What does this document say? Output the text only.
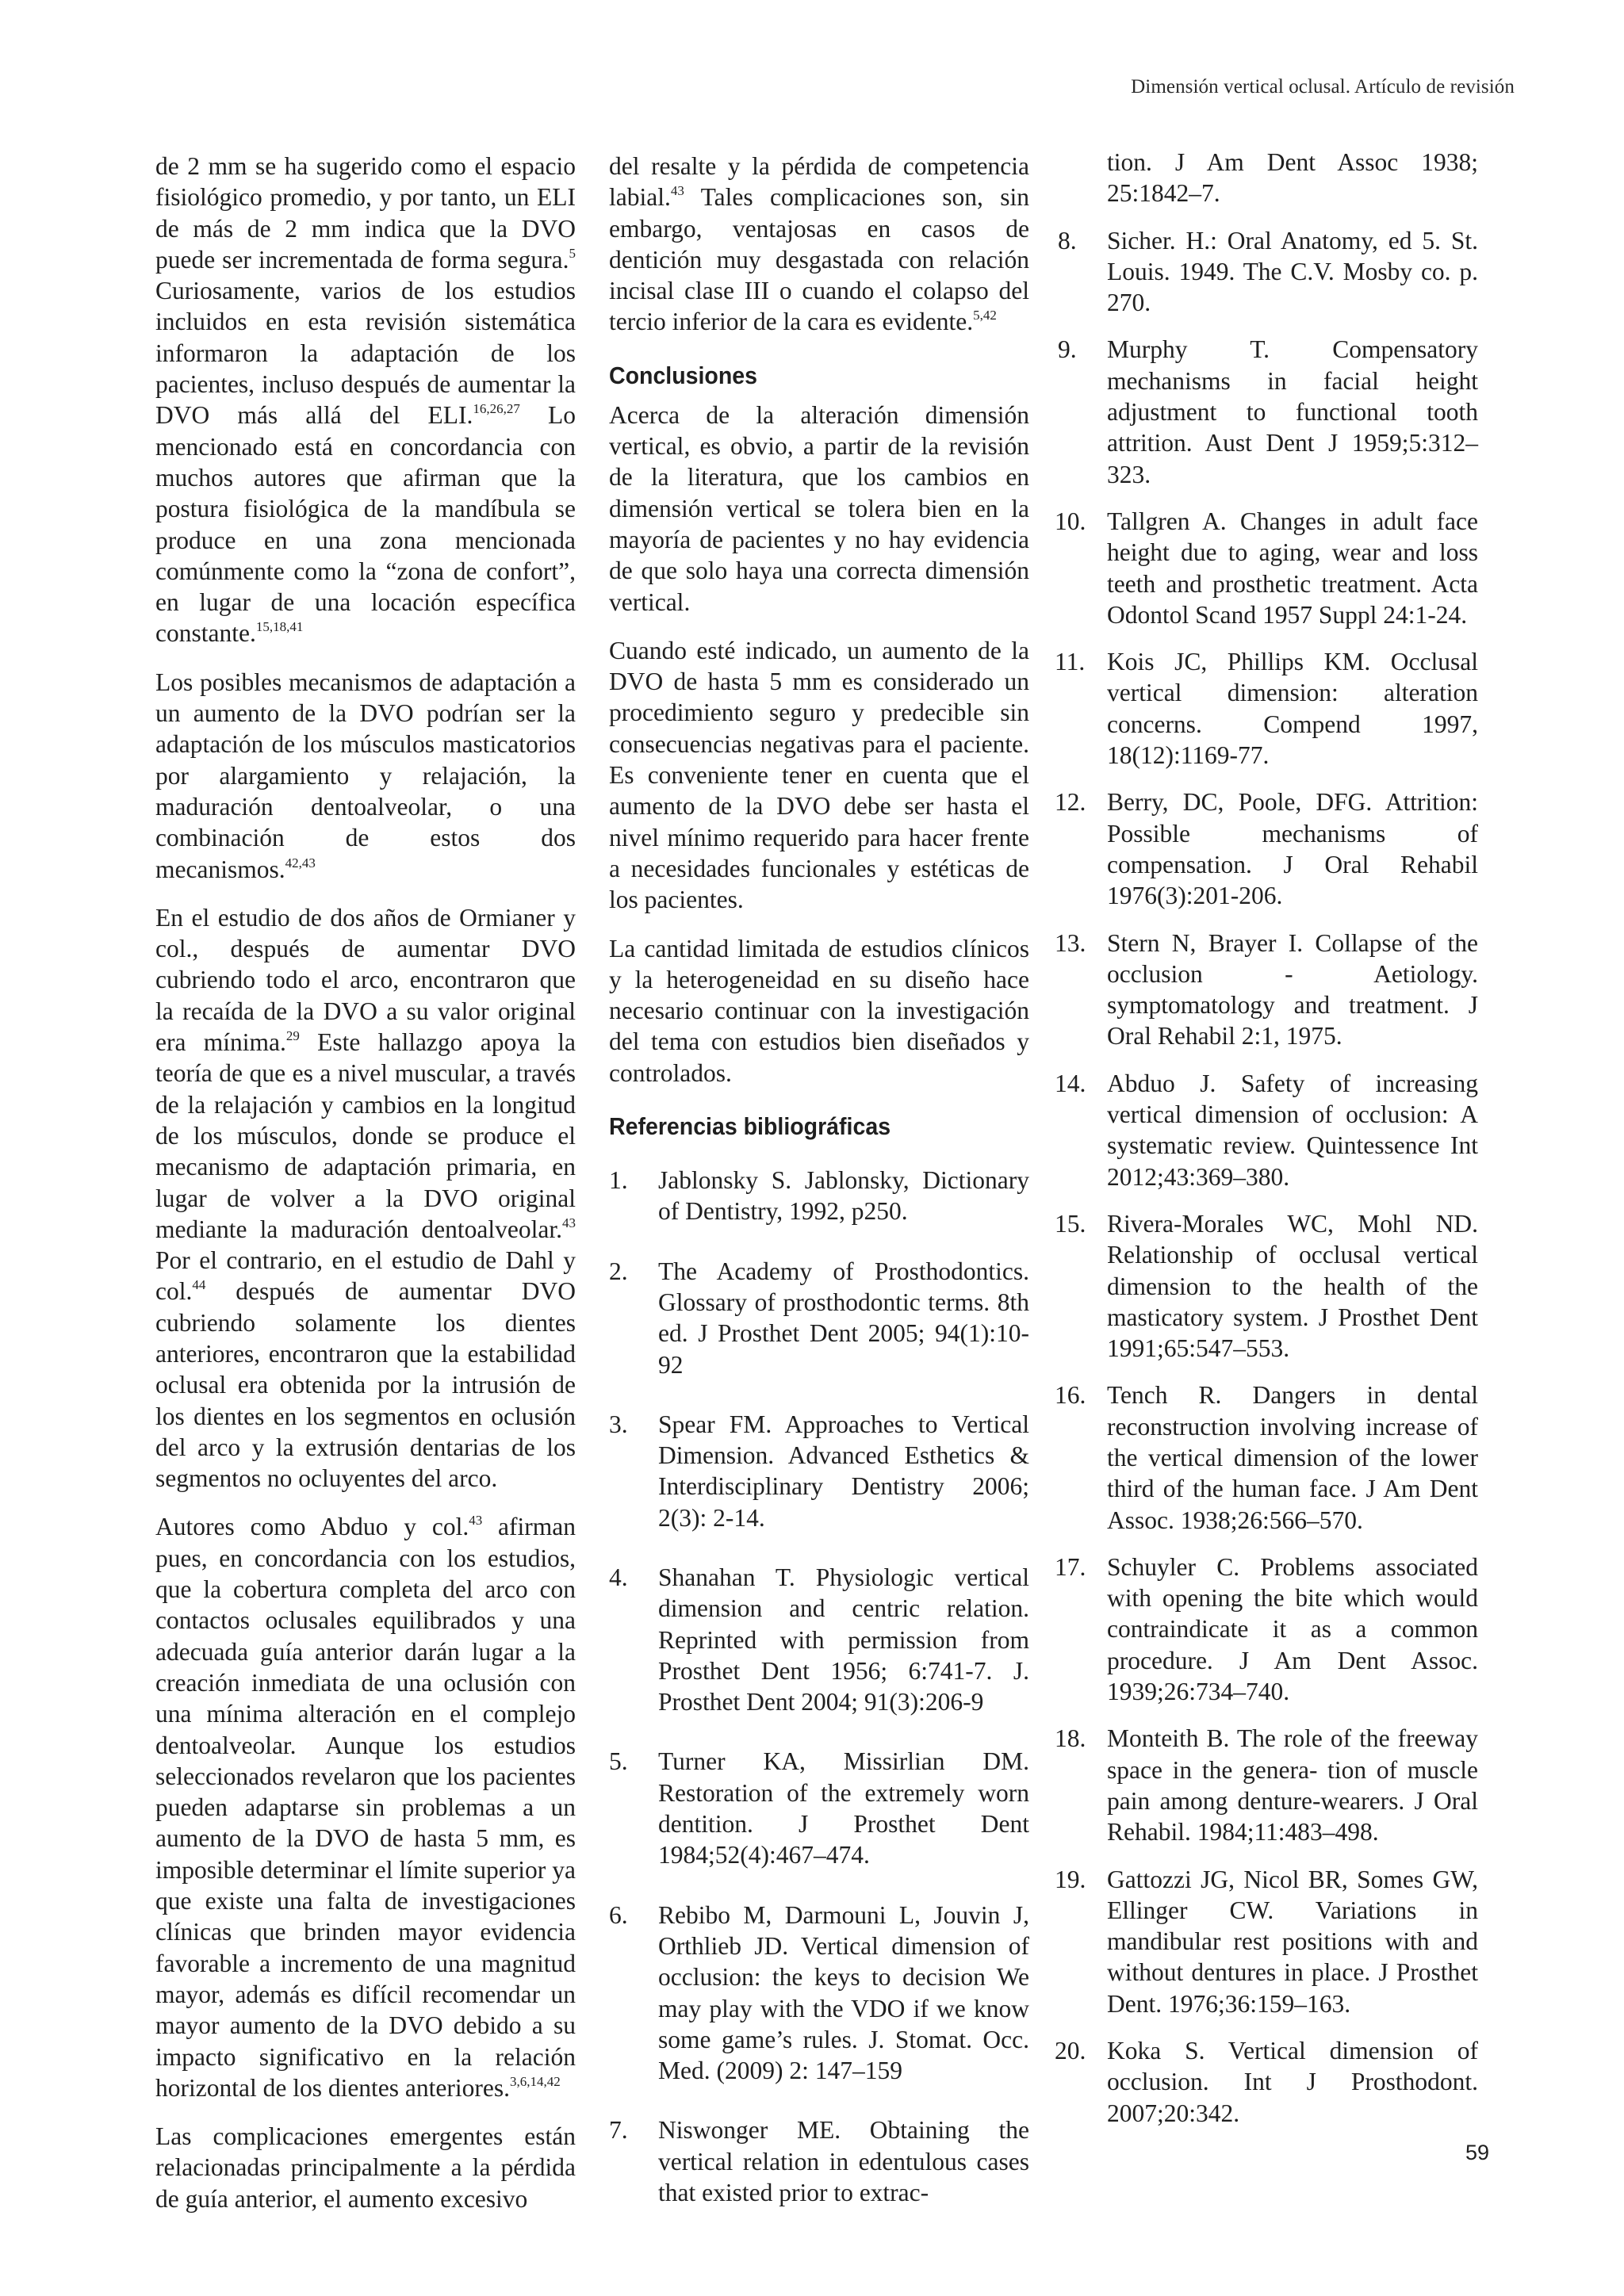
Dimensión vertical oclusal. Artículo de revisión

de 2 mm se ha sugerido como el espacio fisiológico promedio, y por tanto, un ELI de más de 2 mm indica que la DVO puede ser incrementada de forma segura.$^5$ Curiosamente, varios de los estudios incluidos en esta revisión sistemática informaron la adaptación de los pacientes, incluso después de aumentar la DVO más allá del ELI.$^{16,26,27}$ Lo mencionado está en concordancia con muchos autores que afirman que la postura fisiológica de la mandíbula se produce en una zona mencionada comúnmente como la “zona de confort”, en lugar de una locación específica constante.$^{15,18,41}$

Los posibles mecanismos de adaptación a un aumento de la DVO podrían ser la adaptación de los músculos masticatorios por alargamiento y relajación, la maduración dentoalveolar, o una combinación de estos dos mecanismos.$^{42,43}$

En el estudio de dos años de Ormianer y col., después de aumentar DVO cubriendo todo el arco, encontraron que la recaída de la DVO a su valor original era mínima.$^{29}$ Este hallazgo apoya la teoría de que es a nivel muscular, a través de la relajación y cambios en la longitud de los músculos, donde se produce el mecanismo de adaptación primaria, en lugar de volver a la DVO original mediante la maduración dentoalveolar.$^{43}$ Por el contrario, en el estudio de Dahl y col.$^{44}$ después de aumentar DVO cubriendo solamente los dientes anteriores, encontraron que la estabilidad oclusal era obtenida por la intrusión de los dientes en los segmentos en oclusión del arco y la extrusión dentarias de los segmentos no ocluyentes del arco.

Autores como Abduo y col.$^{43}$ afirman pues, en concordancia con los estudios, que la cobertura completa del arco con contactos oclusales equilibrados y una adecuada guía anterior darán lugar a la creación inmediata de una oclusión con una mínima alteración en el complejo dentoalveolar. Aunque los estudios seleccionados revelaron que los pacientes pueden adaptarse sin problemas a un aumento de la DVO de hasta 5 mm, es imposible determinar el límite superior ya que existe una falta de investigaciones clínicas que brinden mayor evidencia favorable a incremento de una magnitud mayor, además es difícil recomendar un mayor aumento de la DVO debido a su impacto significativo en la relación horizontal de los dientes anteriores.$^{3,6,14,42}$

Las complicaciones emergentes están relacionadas principalmente a la pérdida de guía anterior, el aumento excesivo

del resalte y la pérdida de competencia labial.$^{43}$ Tales complicaciones son, sin embargo, ventajosas en casos de dentición muy desgastada con relación incisal clase III o cuando el colapso del tercio inferior de la cara es evidente.$^{5,42}$

Conclusiones

Acerca de la alteración dimensión vertical, es obvio, a partir de la revisión de la literatura, que los cambios en dimensión vertical se tolera bien en la mayoría de pacientes y no hay evidencia de que solo haya una correcta dimensión vertical.

Cuando esté indicado, un aumento de la DVO de hasta 5 mm es considerado un procedimiento seguro y predecible sin consecuencias negativas para el paciente. Es conveniente tener en cuenta que el aumento de la DVO debe ser hasta el nivel mínimo requerido para hacer frente a necesidades funcionales y estéticas de los pacientes.

La cantidad limitada de estudios clínicos y la heterogeneidad en su diseño hace necesario continuar con la investigación del tema con estudios bien diseñados y controlados.

Referencias bibliográficas
1. Jablonsky S. Jablonsky, Dictionary of Dentistry, 1992, p250.
2. The Academy of Prosthodontics. Glossary of prosthodontic terms. 8th ed. J Prosthet Dent 2005; 94(1):10-92
3. Spear FM. Approaches to Vertical Dimension. Advanced Esthetics & Interdisciplinary Dentistry 2006; 2(3): 2-14.
4. Shanahan T. Physiologic vertical dimension and centric relation. Reprinted with permission from Prosthet Dent 1956; 6:741-7. J. Prosthet Dent 2004; 91(3):206-9
5. Turner KA, Missirlian DM. Restoration of the extremely worn dentition. J Prosthet Dent 1984;52(4):467–474.
6. Rebibo M, Darmouni L, Jouvin J, Orthlieb JD. Vertical dimension of occlusion: the keys to decision We may play with the VDO if we know some game’s rules. J. Stomat. Occ. Med. (2009) 2: 147–159
7. Niswonger ME. Obtaining the vertical relation in edentulous cases that existed prior to extrac-
tion. J Am Dent Assoc 1938; 25:1842–7.
8. Sicher. H.: Oral Anatomy, ed 5. St. Louis. 1949. The C.V. Mosby co. p. 270.
9. Murphy T. Compensatory mechanisms in facial height adjustment to functional tooth attrition. Aust Dent J 1959;5:312–323.
10. Tallgren A. Changes in adult face height due to aging, wear and loss teeth and prosthetic treatment. Acta Odontol Scand 1957 Suppl 24:1-24.
11. Kois JC, Phillips KM. Occlusal vertical dimension: alteration concerns. Compend 1997, 18(12):1169-77.
12. Berry, DC, Poole, DFG. Attrition: Possible mechanisms of compensation. J Oral Rehabil 1976(3):201-206.
13. Stern N, Brayer I. Collapse of the occlusion - Aetiology. symptomatology and treatment. J Oral Rehabil 2:1, 1975.
14. Abduo J. Safety of increasing vertical dimension of occlusion: A systematic review. Quintessence Int 2012;43:369–380.
15. Rivera-Morales WC, Mohl ND. Relationship of occlusal vertical dimension to the health of the masticatory system. J Prosthet Dent 1991;65:547–553.
16. Tench R. Dangers in dental reconstruction involving increase of the vertical dimension of the lower third of the human face. J Am Dent Assoc. 1938;26:566–570.
17. Schuyler C. Problems associated with opening the bite which would contraindicate it as a common procedure. J Am Dent Assoc. 1939;26:734–740.
18. Monteith B. The role of the freeway space in the genera- tion of muscle pain among denture-wearers. J Oral Rehabil. 1984;11:483–498.
19. Gattozzi JG, Nicol BR, Somes GW, Ellinger CW. Variations in mandibular rest positions with and without dentures in place. J Prosthet Dent. 1976;36:159–163.
20. Koka S. Vertical dimension of occlusion. Int J Prosthodont. 2007;20:342.
59
